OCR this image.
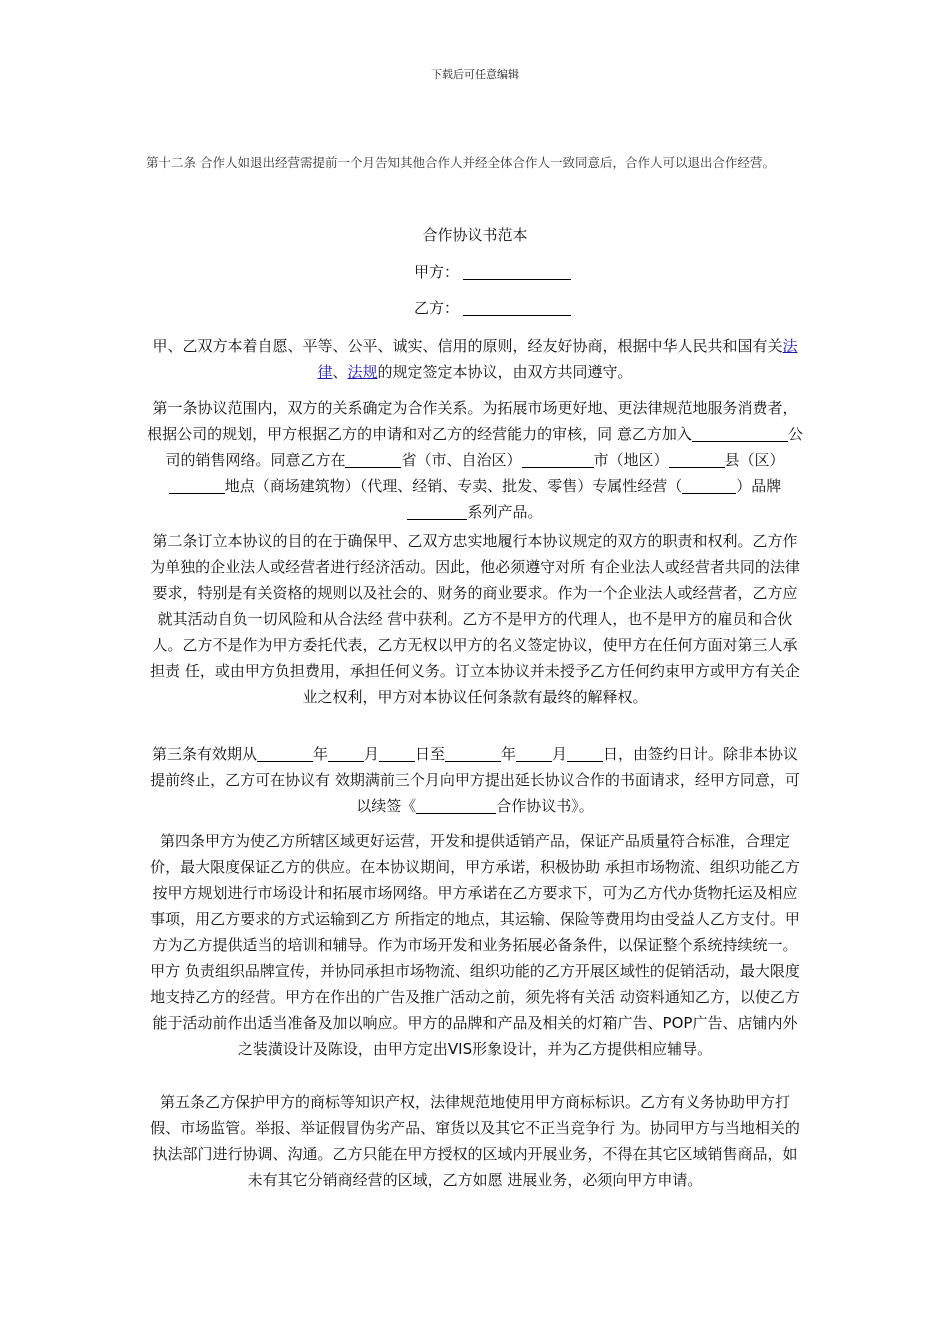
下载后可任意编辑
第十二条 合作人如退出经营需提前一个月告知其他合作人并经全体合作人一致同意后，合作人可以退出合作经营。
合作协议书范本
甲方：
乙方：
甲、乙双方本着自愿、平等、公平、诚实、信用的原则，经友好协商，根据中华人民共和国有关法律、法规的规定签定本协议，由双方共同遵守。
第一条协议范围内，双方的关系确定为合作关系。为拓展市场更好地、更法律规范地服务消费者，根据公司的规划，甲方根据乙方的申请和对乙方的经营能力的审核，同 意乙方加入	公司的销售网络。同意乙方在	省（市、自治区）	市（地区）	县（区）地点（商场建筑物）（代理、经销、专卖、批发、零售）专属性经营（	）品牌系列产品。
第二条订立本协议的目的在于确保甲、乙双方忠实地履行本协议规定的双方的职责和权利。乙方作为单独的企业法人或经营者进行经济活动。因此，他必须遵守对所 有企业法人或经营者共同的法律要求，特别是有关资格的规则以及社会的、财务的商业要求。作为一个企业法人或经营者，乙方应就其活动自负一切风险和从合法经 营中获利。乙方不是甲方的代理人，也不是甲方的雇员和合伙人。乙方不是作为甲方委托代表，乙方无权以甲方的名义签定协议，使甲方在任何方面对第三人承担责 任，或由甲方负担费用，承担任何义务。订立本协议并未授予乙方任何约束甲方或甲方有关企业之权利，甲方对本协议任何条款有最终的解释权。
第三条有效期从	年 月 日至	年 月 日，由签约日计。除非本协议提前终止，乙方可在协议有 效期满前三个月向甲方提出延长协议合作的书面请求，经甲方同意，可以续签《	合作协议书》。
第四条甲方为使乙方所辖区域更好运营，开发和提供适销产品，保证产品质量符合标准，合理定价，最大限度保证乙方的供应。在本协议期间，甲方承诺，积极协助 承担市场物流、组织功能乙方按甲方规划进行市场设计和拓展市场网络。甲方承诺在乙方要求下，可为乙方代办货物托运及相应事项，用乙方要求的方式运输到乙方 所指定的地点，其运输、保险等费用均由受益人乙方支付。甲方为乙方提供适当的培训和辅导。作为市场开发和业务拓展必备条件，以保证整个系统持续统一。甲方 负责组织品牌宣传，并协同承担市场物流、组织功能的乙方开展区域性的促销活动，最大限度地支持乙方的经营。甲方在作出的广告及推广活动之前，须先将有关活 动资料通知乙方，以使乙方能于活动前作出适当准备及加以响应。甲方的品牌和产品及相关的灯箱广告、POP广告、店铺内外之装潢设计及陈设，由甲方定出VIS形象设计，并为乙方提供相应辅导。
第五条乙方保护甲方的商标等知识产权，法律规范地使用甲方商标标识。乙方有义务协助甲方打假、市场监管。举报、举证假冒伪劣产品、窜货以及其它不正当竞争行 为。协同甲方与当地相关的执法部门进行协调、沟通。乙方只能在甲方授权的区域内开展业务，不得在其它区域销售商品，如未有其它分销商经营的区域，乙方如愿 进展业务，必须向甲方申请。
